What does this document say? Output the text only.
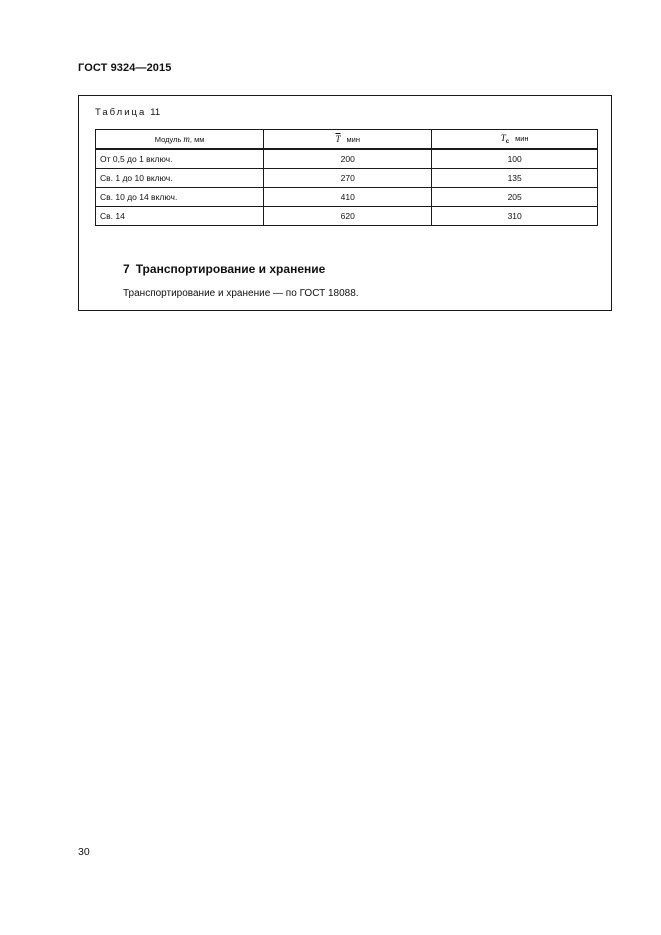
ГОСТ 9324—2015
Таблица 11
Модуль m, мм	$\overline{T}$ мин	$T_c$ мин
От 0,5 до 1 включ.	200	100
Св. 1 до 10 включ.	270	135
Св. 10 до 14 включ.	410	205
Св. 14	620	310
7 Транспортирование и хранение
Транспортирование и хранение — по ГОСТ 18088.
30
